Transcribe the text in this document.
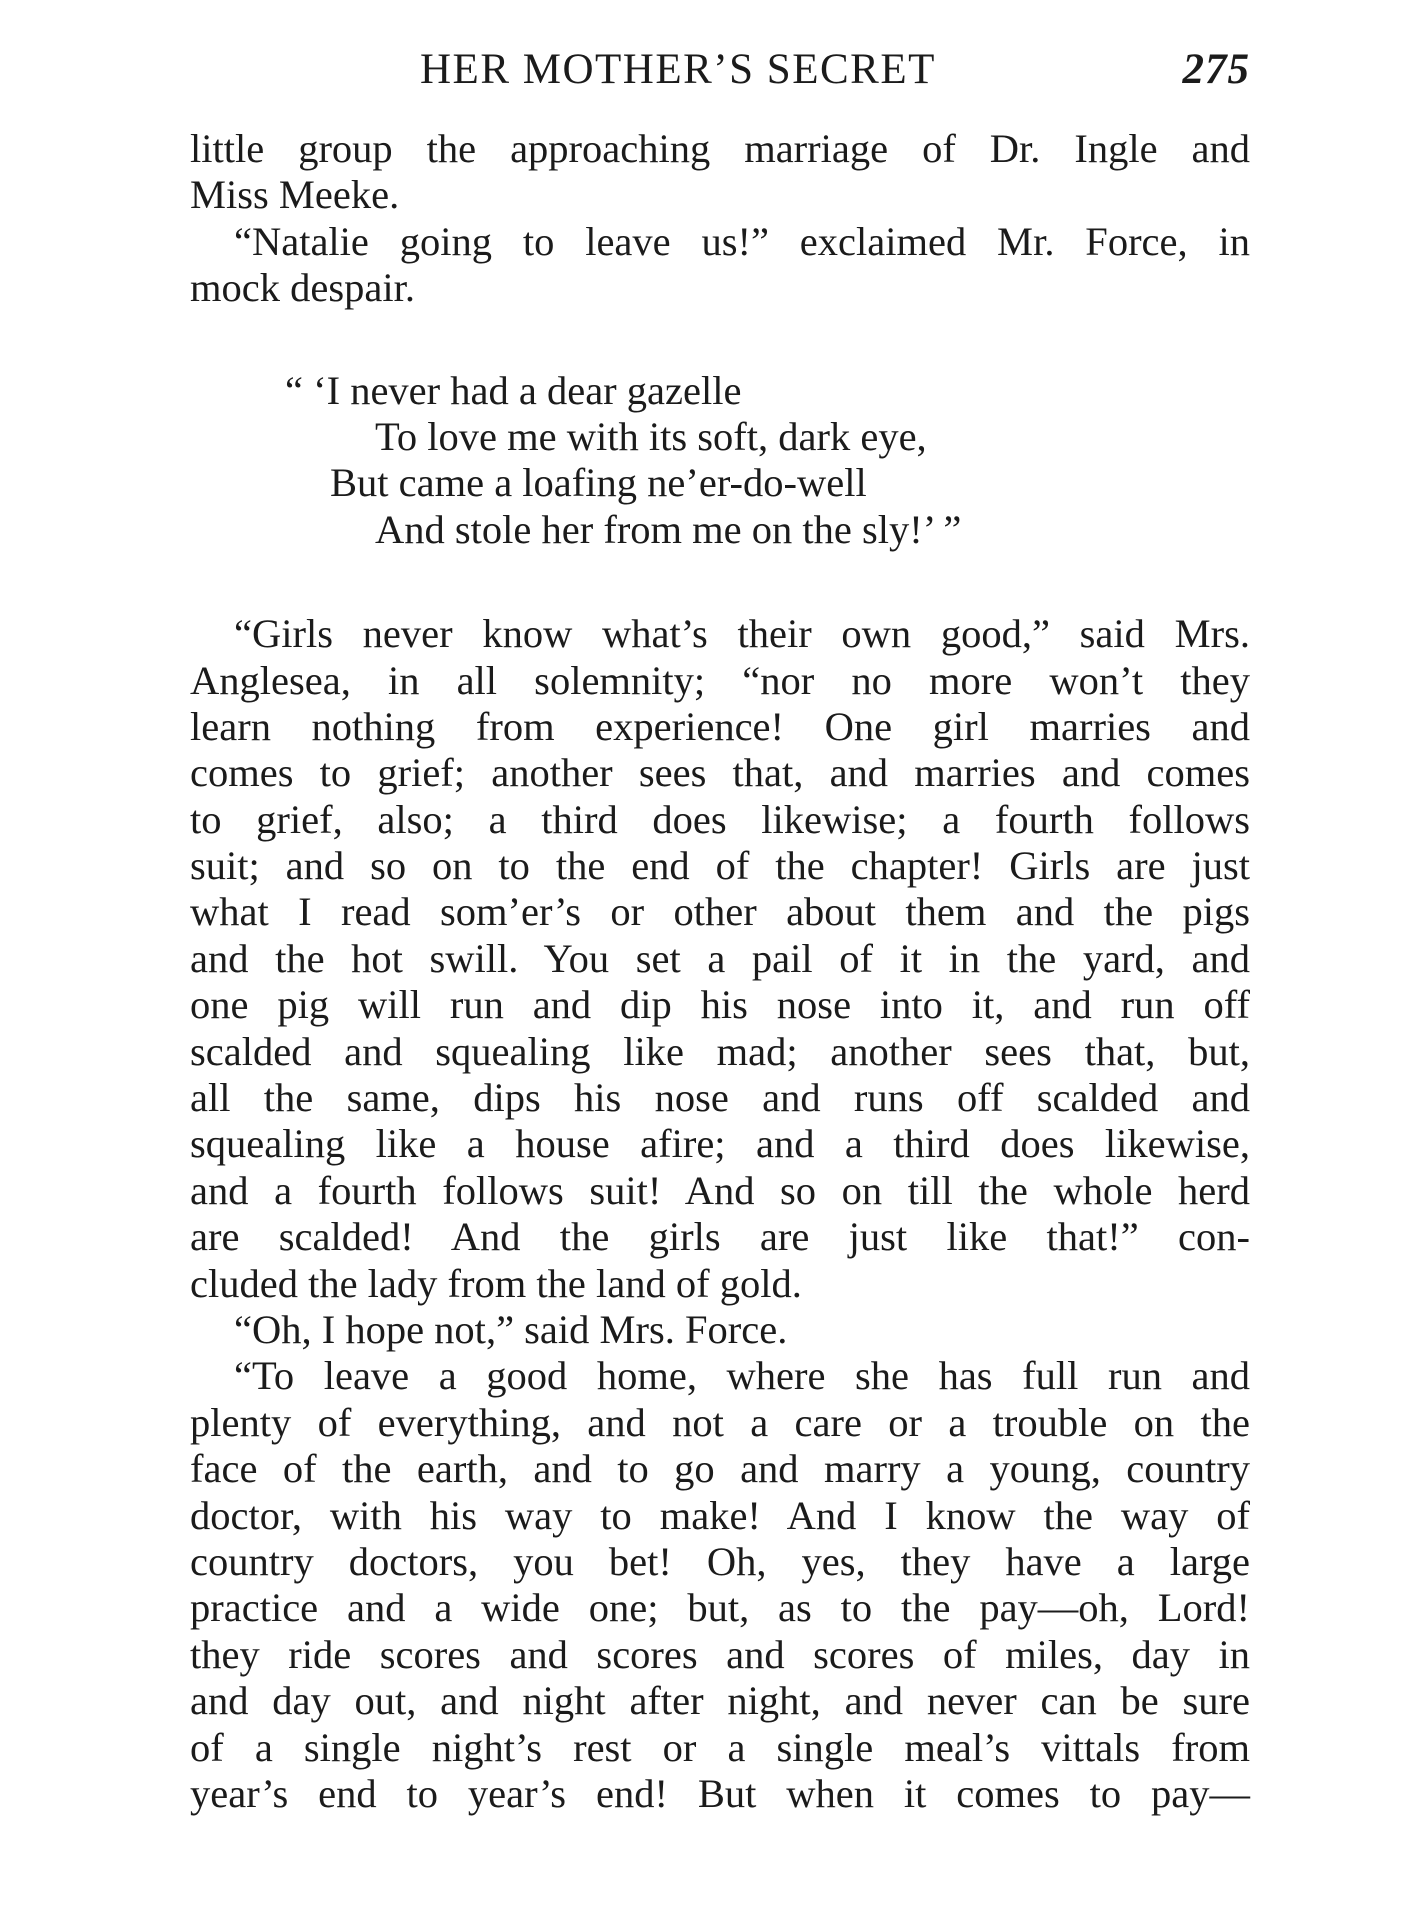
HER MOTHER’S SECRET	275
little group the approaching marriage of Dr. Ingle and
Miss Meeke.
“Natalie going to leave us!” exclaimed Mr. Force, in
mock despair.
“ ‘I never had a dear gazelle
To love me with its soft, dark eye,
But came a loafing ne’er-do-well
And stole her from me on the sly!’ ”
“Girls never know what’s their own good,” said Mrs.
Anglesea, in all solemnity; “nor no more won’t they
learn nothing from experience! One girl marries and
comes to grief; another sees that, and marries and comes
to grief, also; a third does likewise; a fourth follows
suit; and so on to the end of the chapter! Girls are just
what I read som’er’s or other about them and the pigs
and the hot swill. You set a pail of it in the yard, and
one pig will run and dip his nose into it, and run off
scalded and squealing like mad; another sees that, but,
all the same, dips his nose and runs off scalded and
squealing like a house afire; and a third does likewise,
and a fourth follows suit! And so on till the whole herd
are scalded! And the girls are just like that!” con-
cluded the lady from the land of gold.
“Oh, I hope not,” said Mrs. Force.
“To leave a good home, where she has full run and
plenty of everything, and not a care or a trouble on the
face of the earth, and to go and marry a young, country
doctor, with his way to make! And I know the way of
country doctors, you bet! Oh, yes, they have a large
practice and a wide one; but, as to the pay—oh, Lord!
they ride scores and scores and scores of miles, day in
and day out, and night after night, and never can be sure
of a single night’s rest or a single meal’s vittals from
year’s end to year’s end! But when it comes to pay—
